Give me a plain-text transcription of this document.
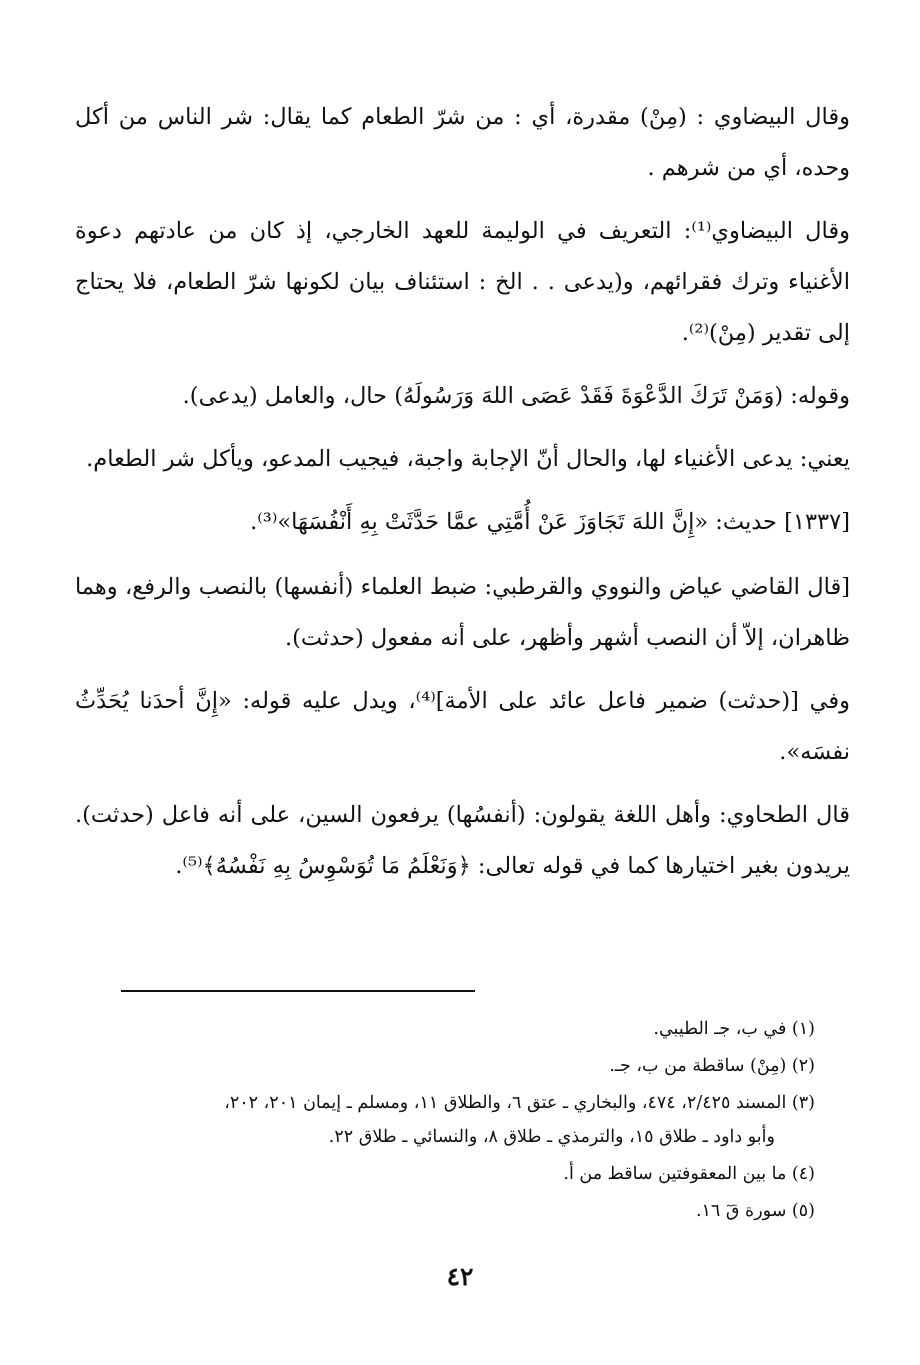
وقال البيضاوي : (مِنْ) مقدرة، أي : من شرّ الطعام كما يقال: شر الناس من أكل وحده، أي من شرهم .

وقال البيضاوي⁽¹⁾: التعريف في الوليمة للعهد الخارجي، إذ كان من عادتهم دعوة الأغنياء وترك فقرائهم، و(يدعى . . الخ : استئناف بيان لكونها شرّ الطعام، فلا يحتاج إلى تقدير (مِنْ)⁽²⁾.

وقوله: (وَمَنْ تَرَكَ الدَّعْوَةَ فَقَدْ عَصَى اللهَ وَرَسُولَهُ) حال، والعامل (يدعى).

يعني: يدعى الأغنياء لها، والحال أنّ الإجابة واجبة، فيجيب المدعو، ويأكل شر الطعام.

[١٣٣٧] حديث: «إِنَّ اللهَ تَجَاوَزَ عَنْ أُمَّتِي عمَّا حَدَّثَتْ بِهِ أَنْفُسَهَا»⁽³⁾.

[قال القاضي عياض والنووي والقرطبي: ضبط العلماء (أنفسها) بالنصب والرفع، وهما ظاهران، إلاّ أن النصب أشهر وأظهر، على أنه مفعول (حدثت).

وفي [(حدثت) ضمير فاعل عائد على الأمة]⁽⁴⁾، ويدل عليه قوله: «إِنَّ أحدَنا يُحَدِّثُ نفسَه».

قال الطحاوي: وأهل اللغة يقولون: (أنفسُها) يرفعون السين، على أنه فاعل (حدثت). يريدون بغير اختيارها كما في قوله تعالى: ﴿وَنَعْلَمُ مَا تُوَسْوِسُ بِهِ نَفْسُهُ﴾⁽⁵⁾.

(١) في ب، جـ الطيبي.
(٢) (مِنْ) ساقطة من ب، جـ.
(٣) المسند ٢/٤٢٥، ٤٧٤، والبخاري ـ عتق ٦، والطلاق ١١، ومسلم ـ إيمان ٢٠١، ٢٠٢،
وأبو داود ـ طلاق ١٥، والترمذي ـ طلاق ٨، والنسائي ـ طلاق ٢٢.
(٤) ما بين المعقوفتين ساقط من أ.
(٥) سورة قٓ ١٦.
٤٢
